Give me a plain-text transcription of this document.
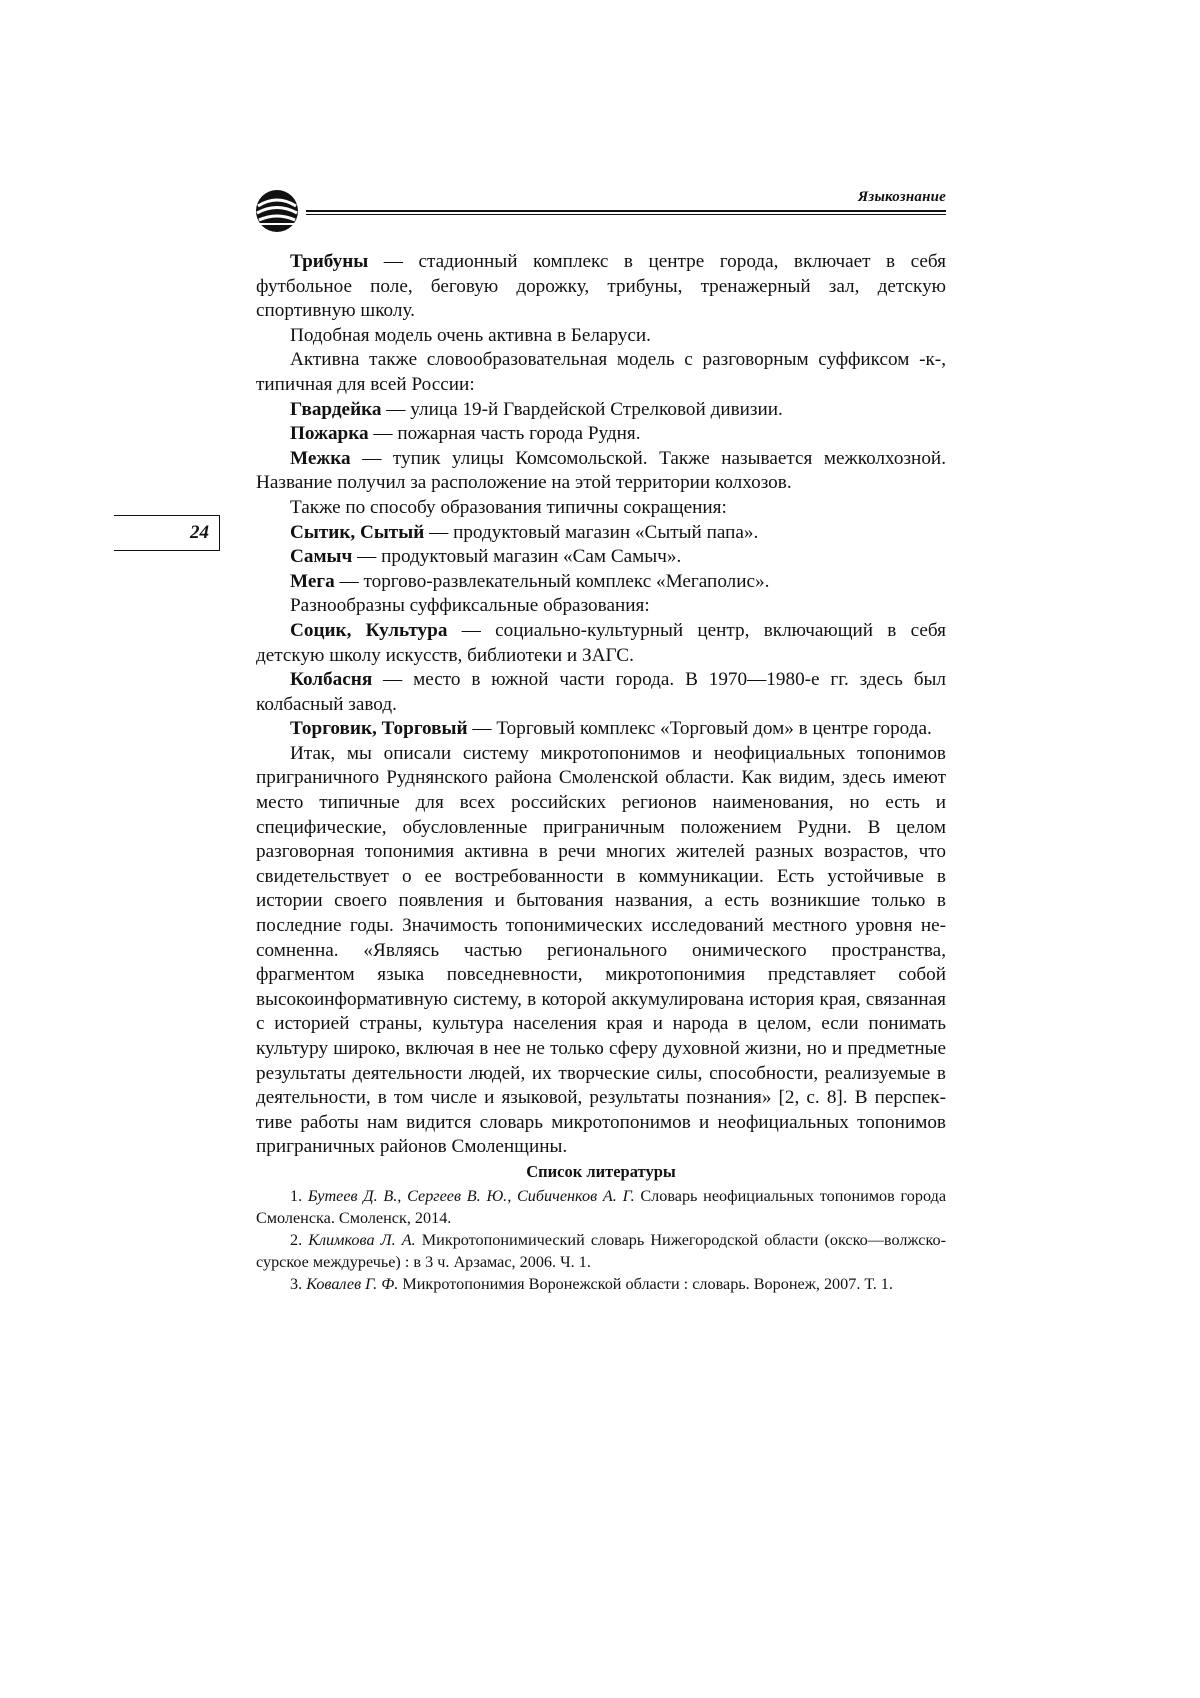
Языкознание
24

Трибуны — стадионный комплекс в центре города, включает в себя футбольное поле, беговую дорожку, трибуны, тренажерный зал, детскую спортивную школу.

Подобная модель очень активна в Беларуси.

Активна также словообразовательная модель с разговорным суффиксом -к-, типичная для всей России:

Гвардейка — улица 19-й Гвардейской Стрелковой дивизии.

Пожарка — пожарная часть города Рудня.

Межка — тупик улицы Комсомольской. Также называется межколхозной. Название получил за расположение на этой территории колхозов.

Также по способу образования типичны сокращения:

Сытик, Сытый — продуктовый магазин «Сытый папа».

Самыч — продуктовый магазин «Сам Самыч».

Мега — торгово-развлекательный комплекс «Мегаполис».

Разнообразны суффиксальные образования:

Социк, Культура — социально-культурный центр, включающий в себя детскую школу искусств, библиотеки и ЗАГС.

Колбасня — место в южной части города. В 1970—1980-е гг. здесь был колбасный завод.

Торговик, Торговый — Торговый комплекс «Торговый дом» в центре города.

Итак, мы описали систему микротопонимов и неофициальных топонимов приграничного Руднянского района Смоленской области. Как видим, здесь имеют место типичные для всех российских регионов наименования, но есть и специфические, обусловленные приграничным положением Рудни. В целом разговорная топонимия активна в речи многих жителей разных возрастов, что свидетельствует о ее востребованности в коммуникации. Есть устойчивые в истории своего появления и бытования названия, а есть возникшие только в последние годы. Значимость топонимических исследований местного уровня несомненна. «Являясь частью регионального онимического пространства, фрагментом языка повседневности, микротопонимия представляет собой высокоинформативную систему, в которой аккумулирована история края, связанная с историей страны, культура населения края и народа в целом, если понимать культуру широко, включая в нее не только сферу духовной жизни, но и предметные результаты деятельности людей, их творческие силы, способности, реализуемые в деятельности, в том числе и языковой, результаты познания» [2, с. 8]. В перспективе работы нам видится словарь микротопонимов и неофициальных топонимов приграничных районов Смоленщины.

Список литературы

1. Бутеев Д. В., Сергеев В. Ю., Сибиченков А. Г. Словарь неофициальных топонимов города Смоленска. Смоленск, 2014.

2. Климкова Л. А. Микротопонимический словарь Нижегородской области (окско—волжско-сурское междуречье) : в 3 ч. Арзамас, 2006. Ч. 1.

3. Ковалев Г. Ф. Микротопонимия Воронежской области : словарь. Воронеж, 2007. Т. 1.
